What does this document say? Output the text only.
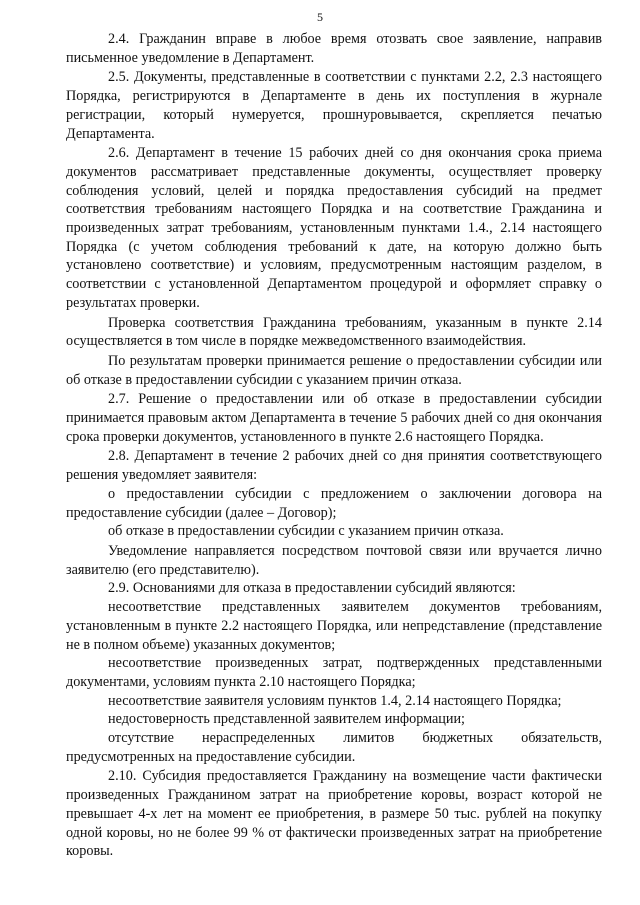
5

2.4. Гражданин вправе в любое время отозвать свое заявление, направив письменное уведомление в Департамент.

2.5. Документы, представленные в соответствии с пунктами 2.2, 2.3 настоящего Порядка, регистрируются в Департаменте в день их поступления в журнале регистрации, который нумеруется, прошнуровывается, скрепляется печатью Департамента.

2.6. Департамент в течение 15 рабочих дней со дня окончания срока приема документов рассматривает представленные документы, осуществляет проверку соблюдения условий, целей и порядка предоставления субсидий на предмет соответствия требованиям настоящего Порядка и на соответствие Гражданина и произведенных затрат требованиям, установленным пунктами 1.4., 2.14 настоящего Порядка (с учетом соблюдения требований к дате, на которую должно быть установлено соответствие) и условиям, предусмотренным настоящим разделом, в соответствии с установленной Департаментом процедурой и оформляет справку о результатах проверки.

Проверка соответствия Гражданина требованиям, указанным в пункте 2.14 осуществляется в том числе в порядке межведомственного взаимодействия.

По результатам проверки принимается решение о предоставлении субсидии или об отказе в предоставлении субсидии с указанием причин отказа.

2.7. Решение о предоставлении или об отказе в предоставлении субсидии принимается правовым актом Департамента в течение 5 рабочих дней со дня окончания срока проверки документов, установленного в пункте 2.6 настоящего Порядка.

2.8. Департамент в течение 2 рабочих дней со дня принятия соответствующего решения уведомляет заявителя:

о предоставлении субсидии с предложением о заключении договора на предоставление субсидии (далее – Договор);

об отказе в предоставлении субсидии с указанием причин отказа.

Уведомление направляется посредством почтовой связи или вручается лично заявителю (его представителю).

2.9. Основаниями для отказа в предоставлении субсидий являются:

несоответствие представленных заявителем документов требованиям, установленным в пункте 2.2 настоящего Порядка, или непредставление (представление не в полном объеме) указанных документов;

несоответствие произведенных затрат, подтвержденных представленными документами, условиям пункта 2.10 настоящего Порядка;

несоответствие заявителя условиям пунктов 1.4, 2.14 настоящего Порядка;

недостоверность представленной заявителем информации;

отсутствие нераспределенных лимитов бюджетных обязательств, предусмотренных на предоставление субсидии.

2.10. Субсидия предоставляется Гражданину на возмещение части фактически произведенных Гражданином затрат на приобретение коровы, возраст которой не превышает 4-х лет на момент ее приобретения, в размере 50 тыс. рублей на покупку одной коровы, но не более 99 % от фактически произведенных затрат на приобретение коровы.
